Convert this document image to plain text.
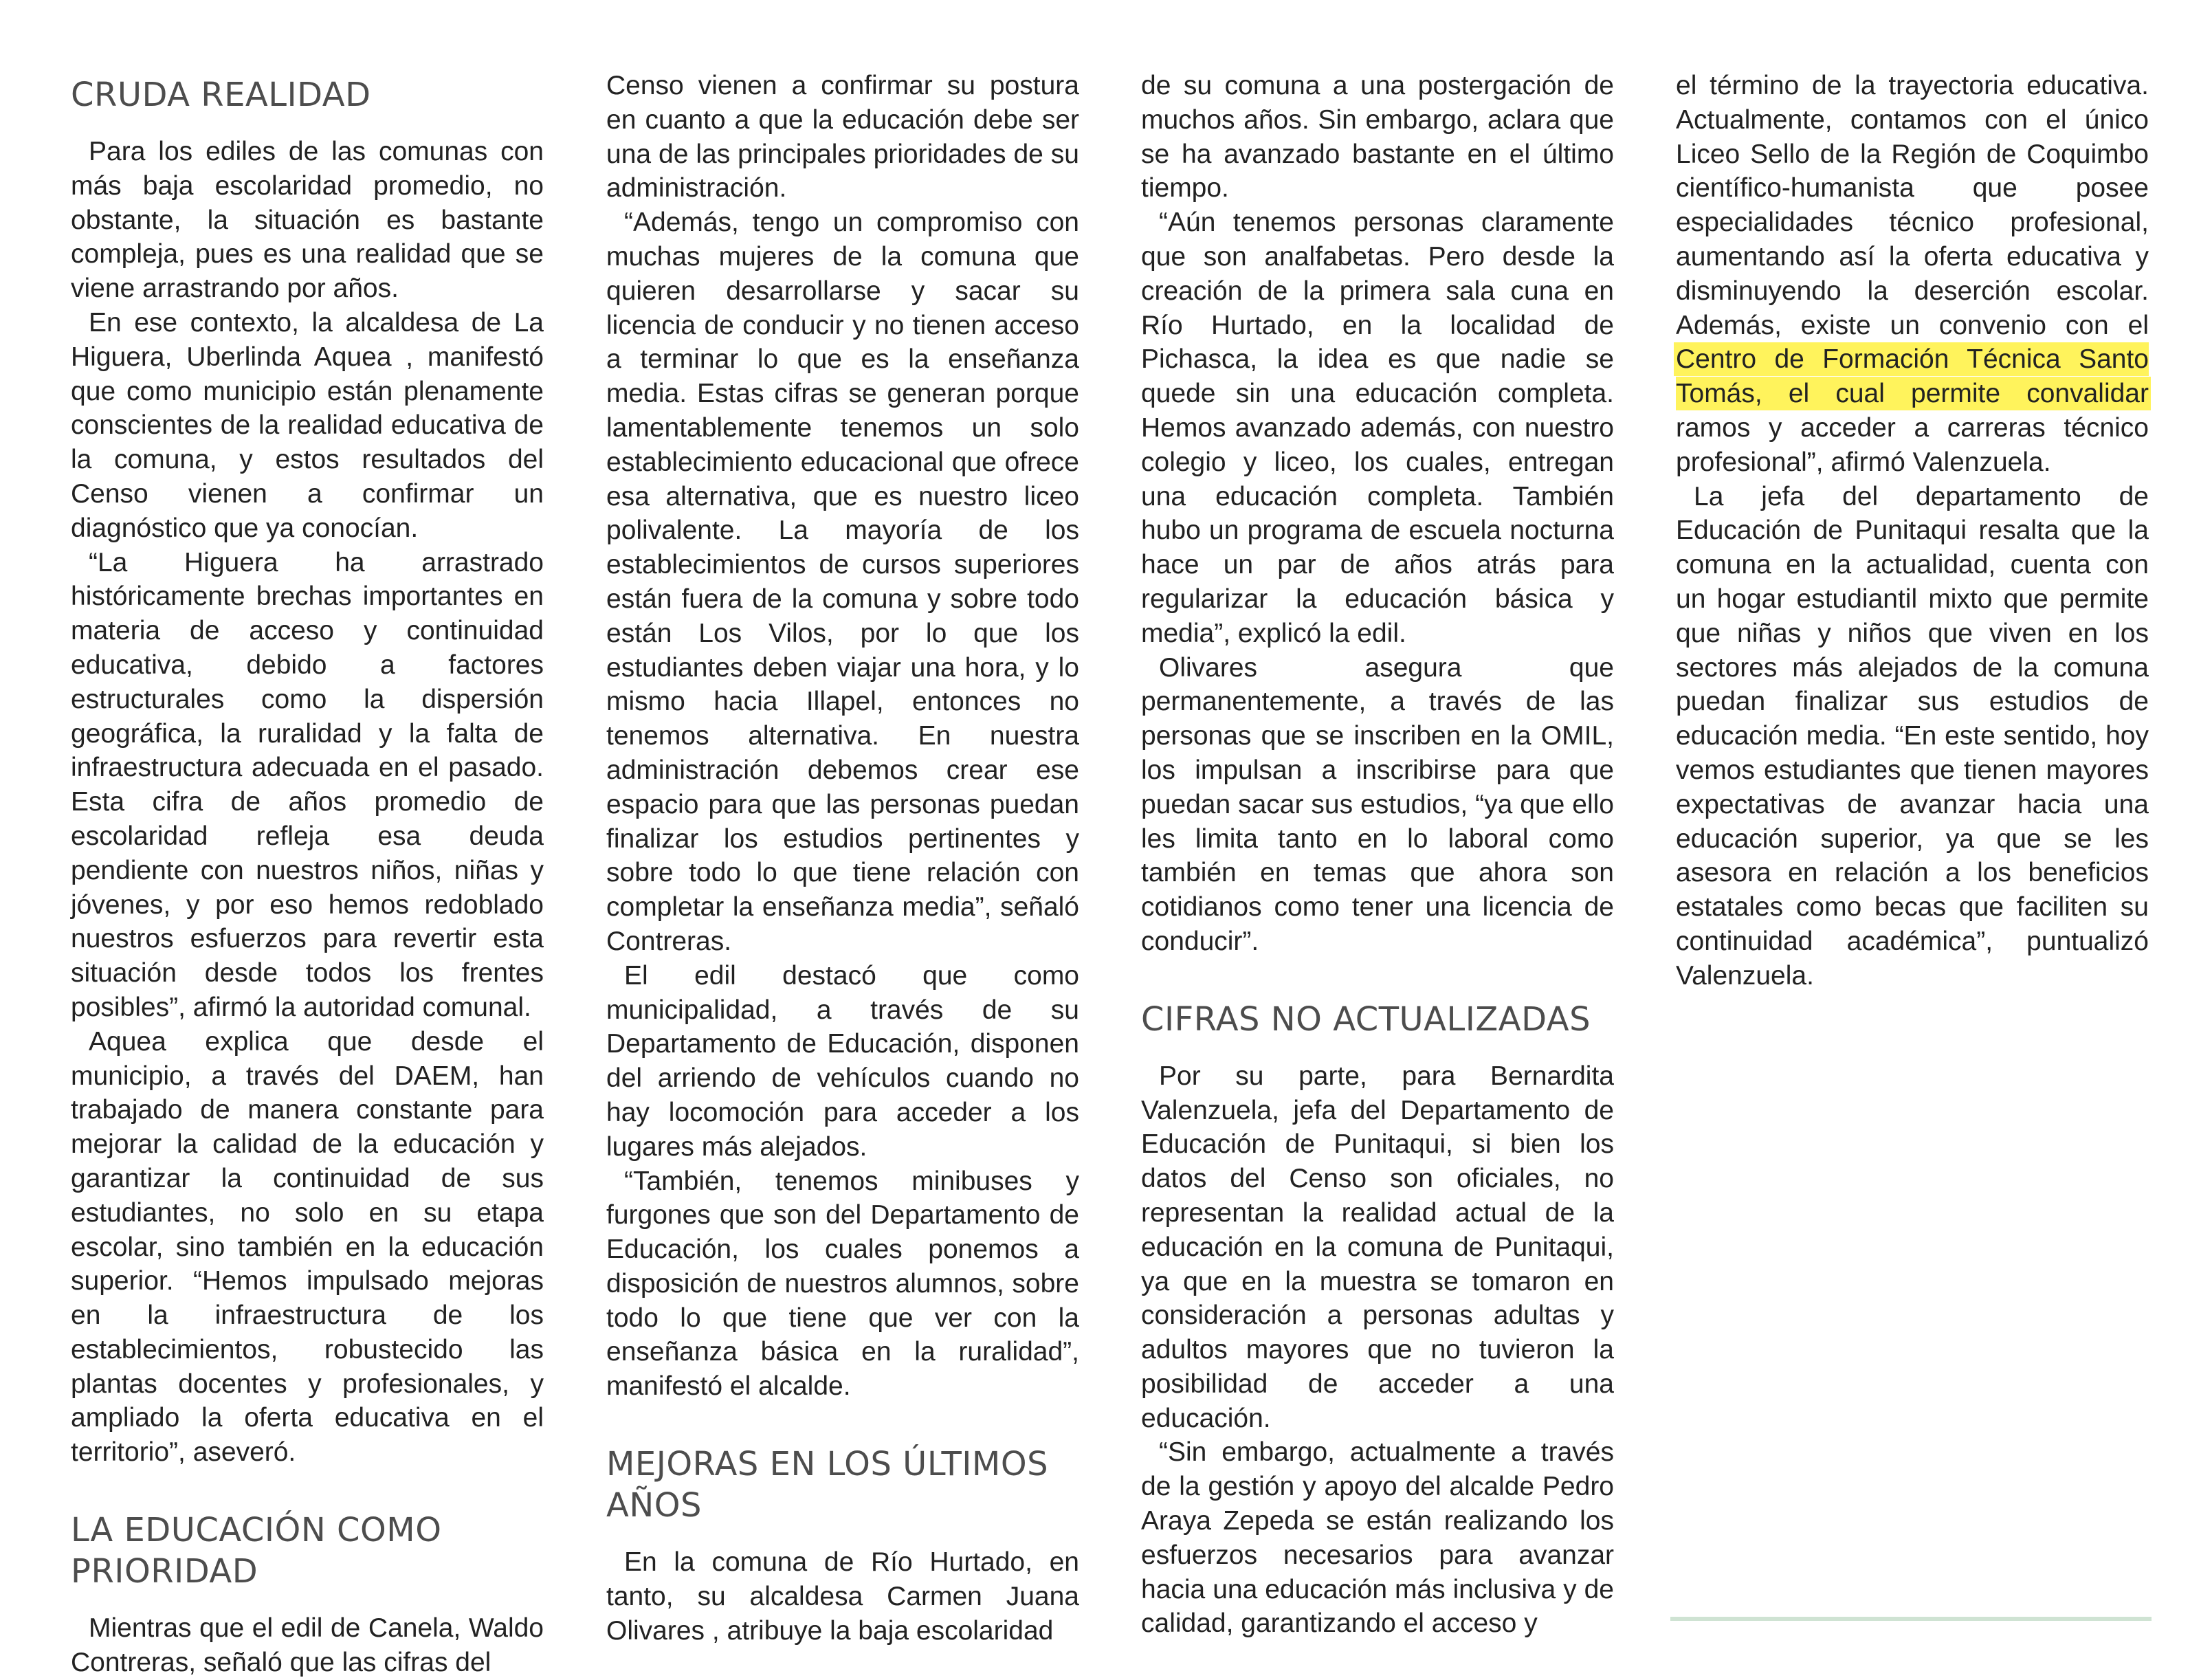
CRUDA REALIDAD

Para los ediles de las comunas con más baja escolaridad promedio, no obstante, la situación es bastante compleja, pues es una realidad que se viene arrastrando por años.

En ese contexto, la alcaldesa de La Higuera, Uberlinda Aquea , manifestó que como municipio están plenamente conscientes de la realidad educativa de la comuna, y estos resultados del Censo vienen a confirmar un diagnóstico que ya conocían.

“La Higuera ha arrastrado históricamente brechas importantes en materia de acceso y continuidad educativa, debido a factores estructurales como la dispersión geográfica, la ruralidad y la falta de infraestructura adecuada en el pasado. Esta cifra de años promedio de escolaridad refleja esa deuda pendiente con nuestros niños, niñas y jóvenes, y por eso hemos redoblado nuestros esfuerzos para revertir esta situación desde todos los frentes posibles”, afirmó la autoridad comunal.

Aquea explica que desde el municipio, a través del DAEM, han trabajado de manera constante para mejorar la calidad de la educación y garantizar la continuidad de sus estudiantes, no solo en su etapa escolar, sino también en la educación superior. “Hemos impulsado mejoras en la infraestructura de los establecimientos, robustecido las plantas docentes y profesionales, y ampliado la oferta educativa en el territorio”, aseveró.

LA EDUCACIÓN COMO PRIORIDAD

Mientras que el edil de Canela, Waldo Contreras, señaló que las cifras del

Censo vienen a confirmar su postura en cuanto a que la educación debe ser una de las principales prioridades de su administración.

“Además, tengo un compromiso con muchas mujeres de la comuna que quieren desarrollarse y sacar su licencia de conducir y no tienen acceso a terminar lo que es la enseñanza media. Estas cifras se generan porque lamentablemente tenemos un solo establecimiento educacional que ofrece esa alternativa, que es nuestro liceo polivalente. La mayoría de los establecimientos de cursos superiores están fuera de la comuna y sobre todo están Los Vilos, por lo que los estudiantes deben viajar una hora, y lo mismo hacia Illapel, entonces no tenemos alternativa. En nuestra administración debemos crear ese espacio para que las personas puedan finalizar los estudios pertinentes y sobre todo lo que tiene relación con completar la enseñanza media”, señaló Contreras.

El edil destacó que como municipalidad, a través de su Departamento de Educación, disponen del arriendo de vehículos cuando no hay locomoción para acceder a los lugares más alejados.

“También, tenemos minibuses y furgones que son del Departamento de Educación, los cuales ponemos a disposición de nuestros alumnos, sobre todo lo que tiene que ver con la enseñanza básica en la ruralidad”, manifestó el alcalde.

MEJORAS EN LOS ÚLTIMOS AÑOS

En la comuna de Río Hurtado, en tanto, su alcaldesa Carmen Juana Olivares , atribuye la baja escolaridad

de su comuna a una postergación de muchos años. Sin embargo, aclara que se ha avanzado bastante en el último tiempo.

“Aún tenemos personas claramente que son analfabetas. Pero desde la creación de la primera sala cuna en Río Hurtado, en la localidad de Pichasca, la idea es que nadie se quede sin una educación completa. Hemos avanzado además, con nuestro colegio y liceo, los cuales, entregan una educación completa. También hubo un programa de escuela nocturna hace un par de años atrás para regularizar la educación básica y media”, explicó la edil.

Olivares asegura que permanentemente, a través de las personas que se inscriben en la OMIL, los impulsan a inscribirse para que puedan sacar sus estudios, “ya que ello les limita tanto en lo laboral como también en temas que ahora son cotidianos como tener una licencia de conducir”.

CIFRAS NO ACTUALIZADAS

Por su parte, para Bernardita Valenzuela, jefa del Departamento de Educación de Punitaqui, si bien los datos del Censo son oficiales, no representan la realidad actual de la educación en la comuna de Punitaqui, ya que en la muestra se tomaron en consideración a personas adultas y adultos mayores que no tuvieron la posibilidad de acceder a una educación.

“Sin embargo, actualmente a través de la gestión y apoyo del alcalde Pedro Araya Zepeda se están realizando los esfuerzos necesarios para avanzar hacia una educación más inclusiva y de calidad, garantizando el acceso y

el término de la trayectoria educativa. Actualmente, contamos con el único Liceo Sello de la Región de Coquimbo científico-humanista que posee especialidades técnico profesional, aumentando así la oferta educativa y disminuyendo la deserción escolar. Además, existe un convenio con el Centro de Formación Técnica Santo Tomás, el cual permite convalidar ramos y acceder a carreras técnico profesional”, afirmó Valenzuela.

La jefa del departamento de Educación de Punitaqui resalta que la comuna en la actualidad, cuenta con un hogar estudiantil mixto que permite que niñas y niños que viven en los sectores más alejados de la comuna puedan finalizar sus estudios de educación media. “En este sentido, hoy vemos estudiantes que tienen mayores expectativas de avanzar hacia una educación superior, ya que se les asesora en relación a los beneficios estatales como becas que faciliten su continuidad académica”, puntualizó Valenzuela.
